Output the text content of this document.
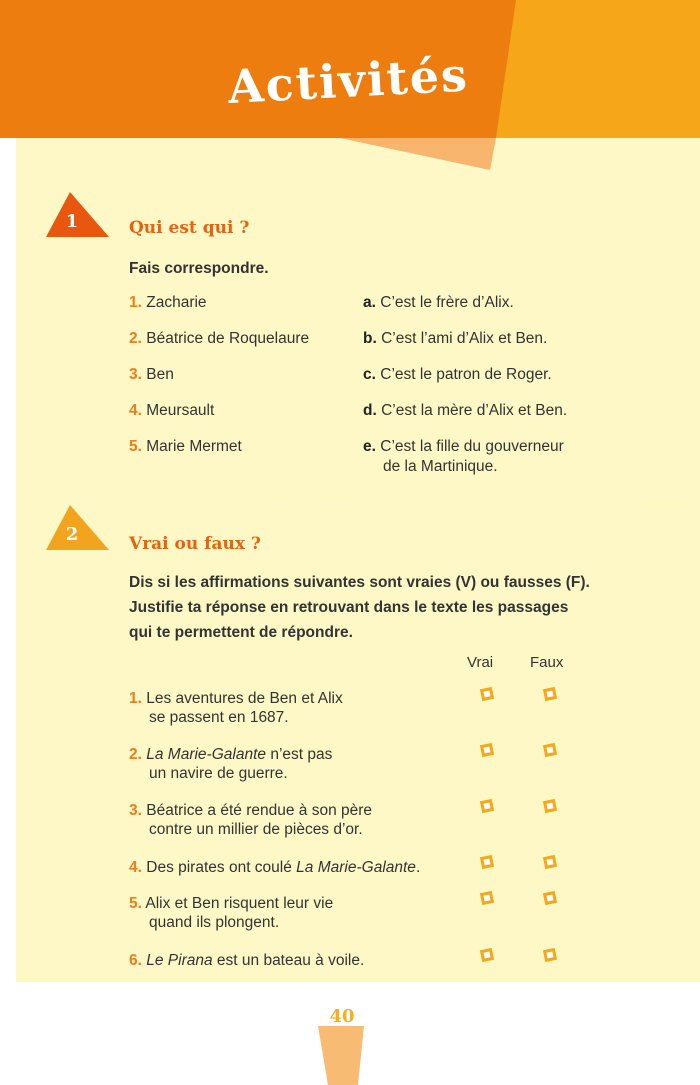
Activités
1	Qui est qui ?
Fais correspondre.
1. Zacharie
2. Béatrice de Roquelaure
3. Ben
4. Meursault
5. Marie Mermet
a. C’est le frère d’Alix.
b. C’est l’ami d’Alix et Ben.
c. C’est le patron de Roger.
d. C’est la mère d’Alix et Ben.
e. C’est la fille du gouverneur
de la Martinique.
2	Vrai ou faux ?
Dis si les affirmations suivantes sont vraies (V) ou fausses (F).
Justifie ta réponse en retrouvant dans le texte les passages
qui te permettent de répondre.
Vrai Faux
1. Les aventures de Ben et Alix
se passent en 1687.
2. La Marie-Galante n’est pas
un navire de guerre.
3. Béatrice a été rendue à son père
contre un millier de pièces d’or.
4. Des pirates ont coulé La Marie-Galante.
5. Alix et Ben risquent leur vie
quand ils plongent.
6. Le Pirana est un bateau à voile.
40
